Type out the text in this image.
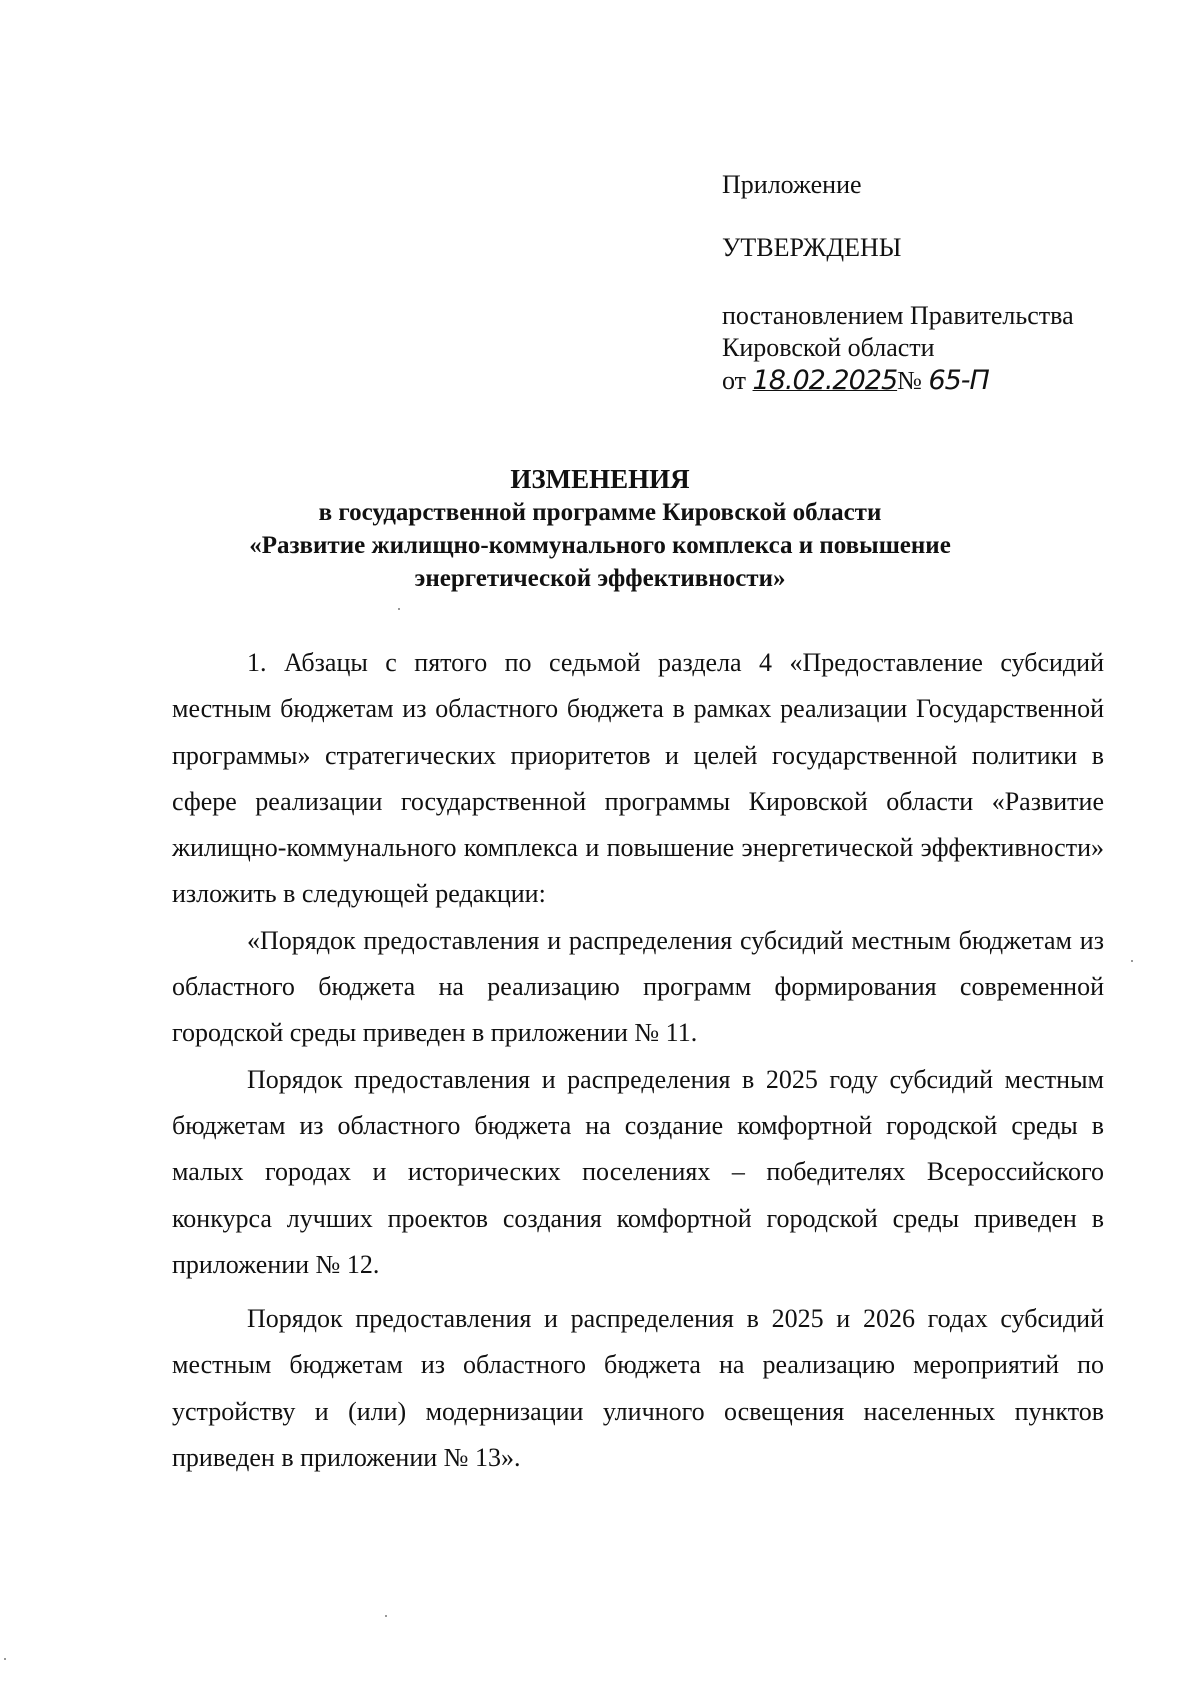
Приложение
УТВЕРЖДЕНЫ
постановлением Правительства
Кировской области
от 18.02.2025№ 65-П
ИЗМЕНЕНИЯ
в государственной программе Кировской области
«Развитие жилищно-коммунального комплекса и повышение
энергетической эффективности»

1. Абзацы с пятого по седьмой раздела 4 «Предоставление субсидий местным бюджетам из областного бюджета в рамках реализации Государственной программы» стратегических приоритетов и целей государственной политики в сфере реализации государственной программы Кировской области «Развитие жилищно-коммунального комплекса и повышение энергетической эффективности» изложить в следующей редакции:

«Порядок предоставления и распределения субсидий местным бюджетам из областного бюджета на реализацию программ формирования современной городской среды приведен в приложении № 11.

Порядок предоставления и распределения в 2025 году субсидий местным бюджетам из областного бюджета на создание комфортной городской среды в малых городах и исторических поселениях – победителях Всероссийского конкурса лучших проектов создания комфортной городской среды приведен в приложении № 12.

Порядок предоставления и распределения в 2025 и 2026 годах субсидий местным бюджетам из областного бюджета на реализацию мероприятий по устройству и (или) модернизации уличного освещения населенных пунктов приведен в приложении № 13».
